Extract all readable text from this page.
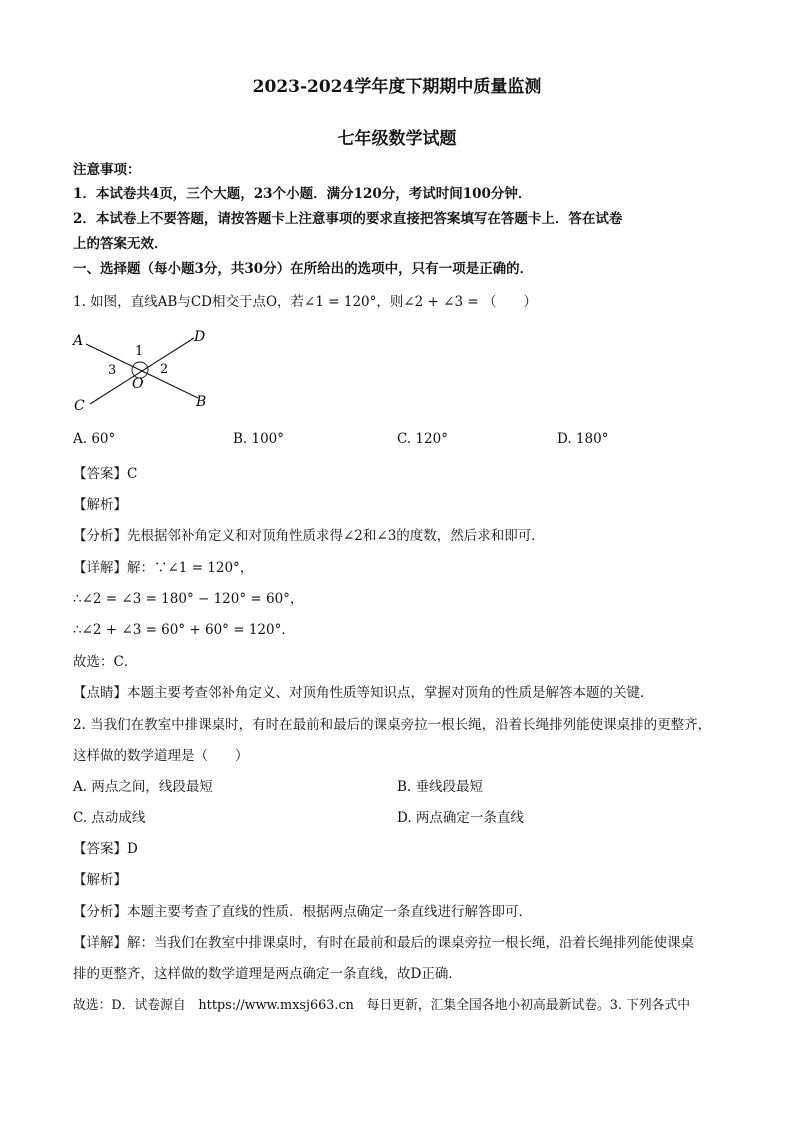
2023-2024学年度下期期中质量监测
七年级数学试题
注意事项：
1．本试卷共4页，三个大题，23个小题．满分120分，考试时间100分钟．
2．本试卷上不要答题，请按答题卡上注意事项的要求直接把答案填写在答题卡上．答在试卷
上的答案无效．
一、选择题（每小题3分，共30分）在所给出的选项中，只有一项是正确的．
1. 如图，直线AB与CD相交于点O，若∠1 = 120°，则∠2 + ∠3 = （　　）
A	D
C	B
O
1
2
3
A. 60°	B. 100°	C. 120°	D. 180°
【答案】C
【解析】
【分析】先根据邻补角定义和对顶角性质求得∠2和∠3的度数，然后求和即可．
【详解】解：∵∠1 = 120°，
∴∠2 = ∠3 = 180° − 120° = 60°，
∴∠2 + ∠3 = 60° + 60° = 120°．
故选：C．
【点睛】本题主要考查邻补角定义、对顶角性质等知识点，掌握对顶角的性质是解答本题的关键．
2. 当我们在教室中排课桌时，有时在最前和最后的课桌旁拉一根长绳，沿着长绳排列能使课桌排的更整齐，
这样做的数学道理是（　　）
A. 两点之间，线段最短	B. 垂线段最短
C. 点动成线	D. 两点确定一条直线
【答案】D
【解析】
【分析】本题主要考查了直线的性质．根据两点确定一条直线进行解答即可．
【详解】解：当我们在教室中排课桌时，有时在最前和最后的课桌旁拉一根长绳，沿着长绳排列能使课桌
排的更整齐，这样做的数学道理是两点确定一条直线，故D正确．
故选：D．试卷源自　https://www.mxsj663.cn　每日更新，汇集全国各地小初高最新试卷。3. 下列各式中
